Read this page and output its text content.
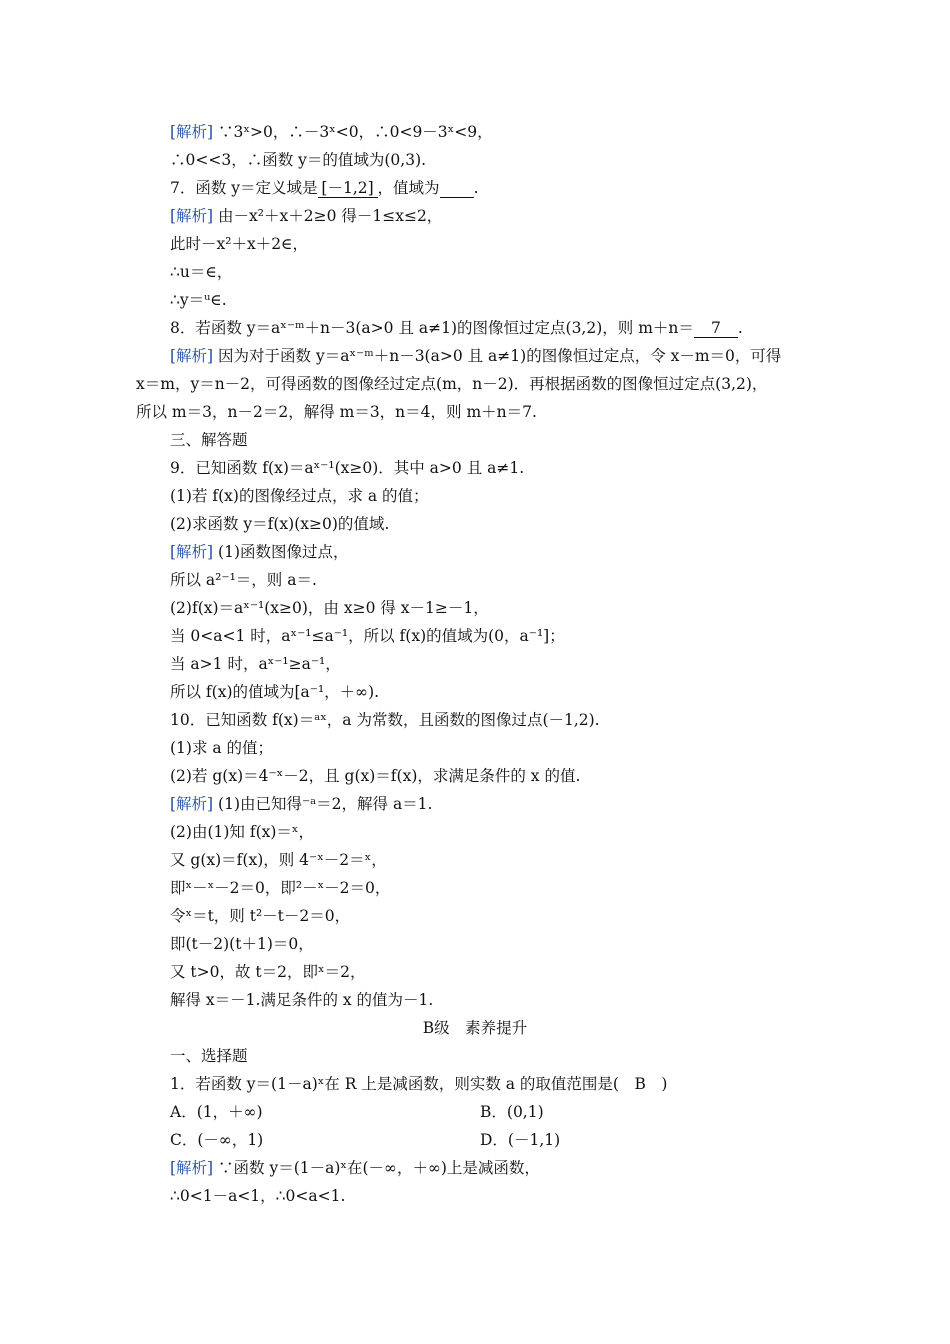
[解析] ∵3ˣ>0，∴－3ˣ<0，∴0<9－3ˣ<9，
∴0<<3，∴函数 y＝的值域为(0,3).
7．函数 y＝定义域是 [－1,2] ，值域为 .
[解析] 由－x²＋x＋2≥0 得－1≤x≤2，
此时－x²＋x＋2∈，
∴u＝∈，
∴y＝ᵘ∈.
8．若函数 y＝aˣ⁻ᵐ＋n－3(a>0 且 a≠1)的图像恒过定点(3,2)，则 m＋n＝ 7 .
[解析] 因为对于函数 y＝aˣ⁻ᵐ＋n－3(a>0 且 a≠1)的图像恒过定点，令 x－m＝0，可得
x＝m，y＝n－2，可得函数的图像经过定点(m，n－2)．再根据函数的图像恒过定点(3,2)，
所以 m＝3，n－2＝2，解得 m＝3，n＝4，则 m＋n＝7.
三、解答题
9．已知函数 f(x)＝aˣ⁻¹(x≥0)．其中 a>0 且 a≠1.
(1)若 f(x)的图像经过点，求 a 的值；
(2)求函数 y＝f(x)(x≥0)的值域.
[解析] (1)函数图像过点，
所以 a²⁻¹＝，则 a＝.
(2)f(x)＝aˣ⁻¹(x≥0)，由 x≥0 得 x－1≥－1，
当 0<a<1 时，aˣ⁻¹≤a⁻¹，所以 f(x)的值域为(0，a⁻¹]；
当 a>1 时，aˣ⁻¹≥a⁻¹，
所以 f(x)的值域为[a⁻¹，＋∞).
10．已知函数 f(x)＝ᵃˣ，a 为常数，且函数的图像过点(－1,2).
(1)求 a 的值；
(2)若 g(x)＝4⁻ˣ－2，且 g(x)＝f(x)，求满足条件的 x 的值.
[解析] (1)由已知得⁻ᵃ＝2，解得 a＝1.
(2)由(1)知 f(x)＝ˣ，
又 g(x)＝f(x)，则 4⁻ˣ－2＝ˣ，
即ˣ－ˣ－2＝0，即²－ˣ－2＝0，
令ˣ＝t，则 t²－t－2＝0，
即(t－2)(t＋1)＝0，
又 t>0，故 t＝2，即ˣ＝2，
解得 x＝－1.满足条件的 x 的值为－1.
B级　素养提升
一、选择题
1．若函数 y＝(1－a)ˣ在 R 上是减函数，则实数 a 的取值范围是(　B　)
A．(1，＋∞)	B．(0,1)
C．(－∞，1)	D．(－1,1)
[解析] ∵函数 y＝(1－a)ˣ在(－∞，＋∞)上是减函数，
∴0<1－a<1，∴0<a<1.
